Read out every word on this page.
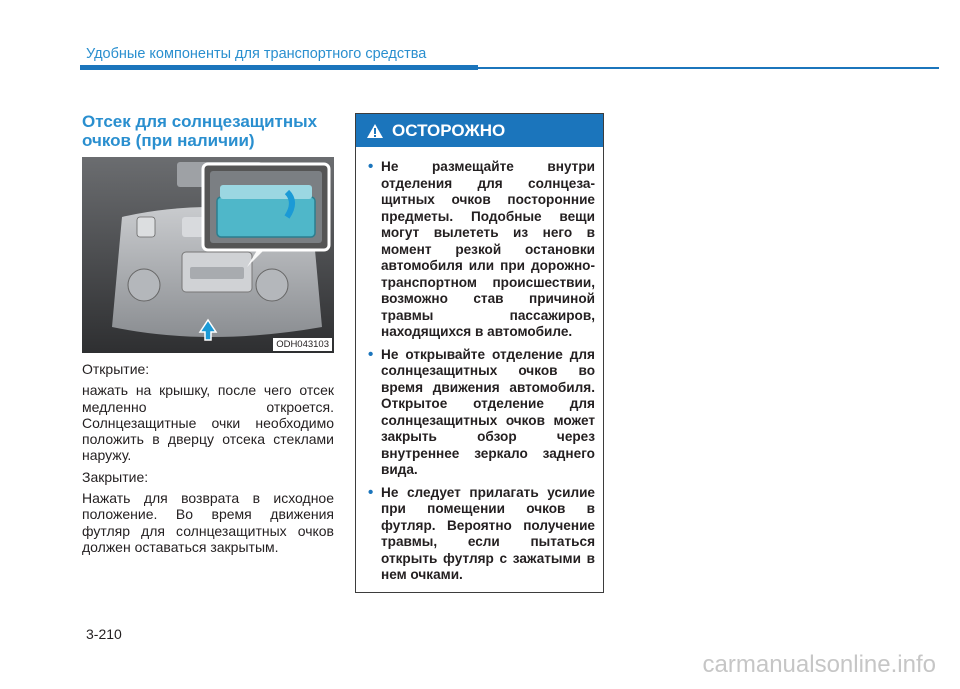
Удобные компоненты для транспортного средства
Отсек для солнцезащитных очков (при наличии)
ODH043103

Открытие:

нажать на крышку, после чего отсек медленно откроется. Солнцезащитные очки необходимо положить в дверцу отсека стеклами наружу.

Закрытие:

Нажать для возврата в исходное положение. Во время движения футляр для солнцезащитных очков должен оставаться закрытым.

ОСТОРОЖНО
• Не размещайте внутри отделения для солнцеза-щитных очков посторонние предметы. Подобные вещи могут вылететь из него в момент резкой остановки автомобиля или при дорожно-транспортном происшествии, возможно став причиной травмы пассажиров, находящихся в автомобиле.
• Не открывайте отделение для солнцезащитных очков во время движения автомобиля. Открытое отделение для солнцезащитных очков может закрыть обзор через внутреннее зеркало заднего вида.
• Не следует прилагать усилие при помещении очков в футляр. Вероятно получение травмы, если пытаться открыть футляр с зажатыми в нем очками.
3-210
carmanualsonline.info
